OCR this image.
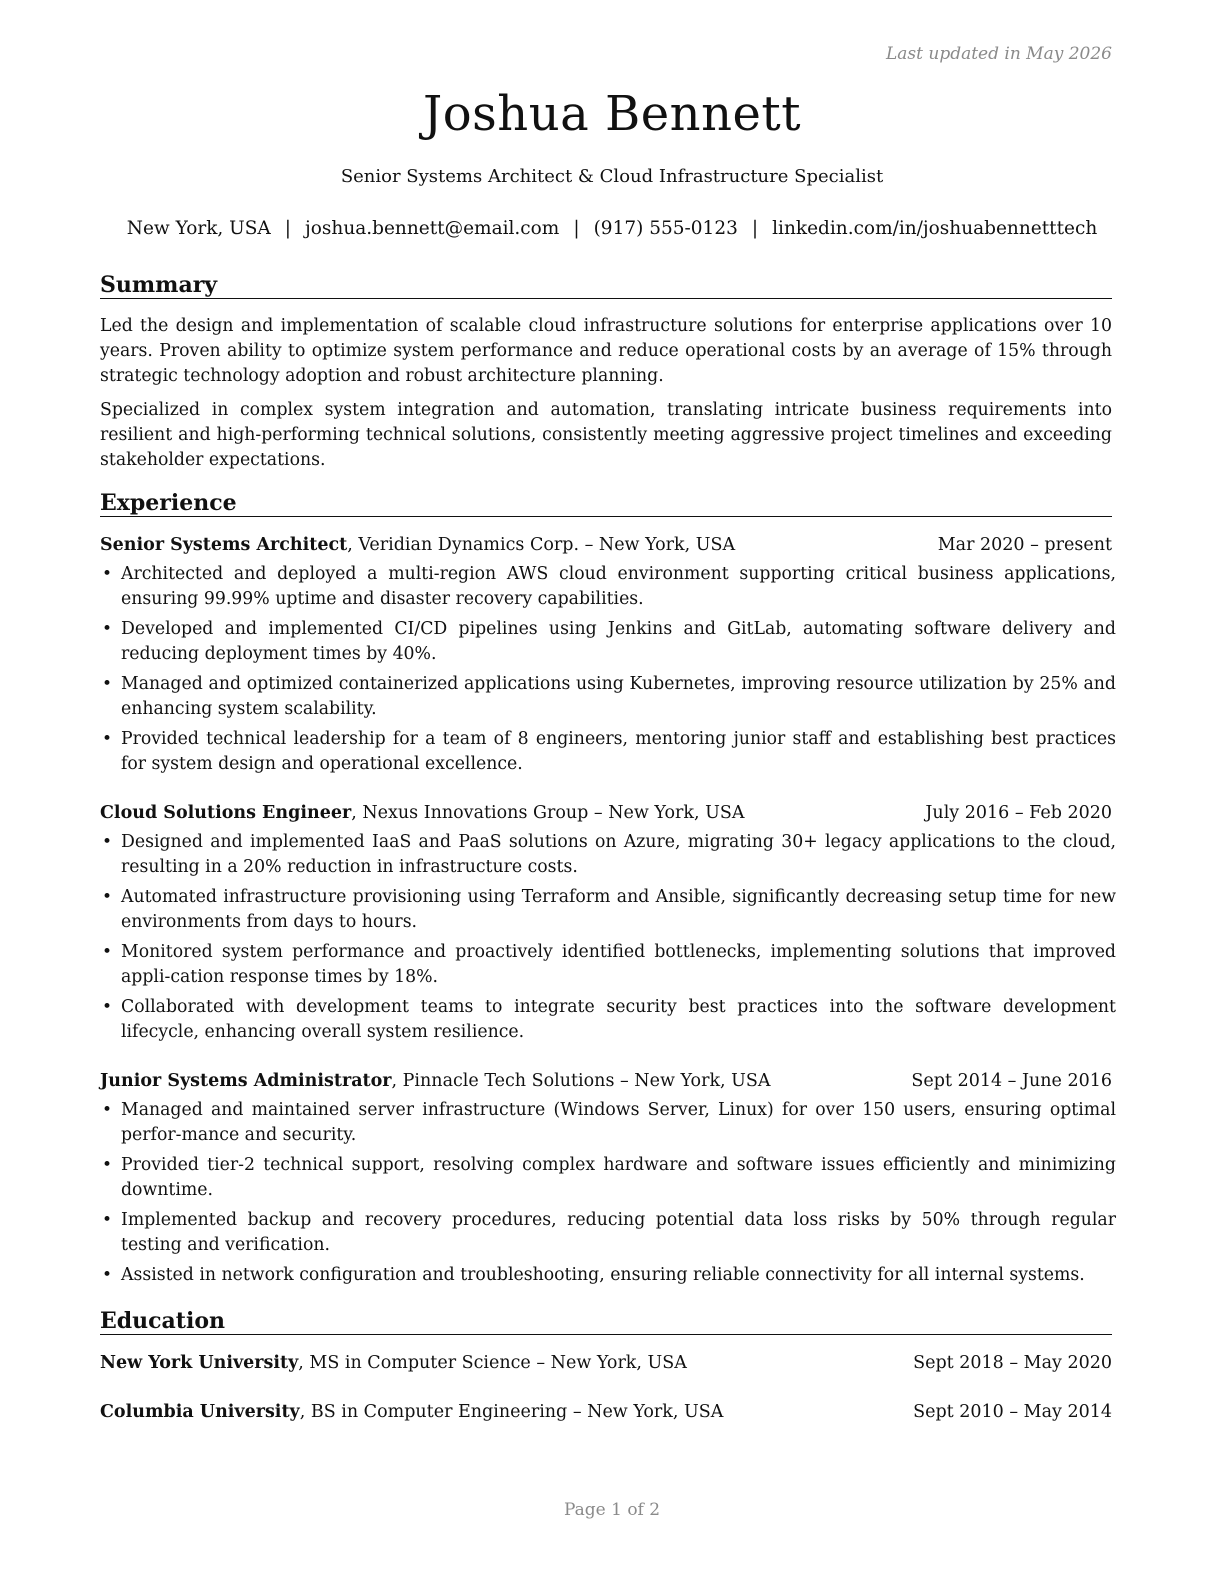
Last updated in May 2026
Joshua Bennett
Senior Systems Architect & Cloud Infrastructure Specialist
New York, USA | joshua.bennett@email.com | (917) 555-0123 | linkedin.com/in/joshuabennetttech
Summary
Led the design and implementation of scalable cloud infrastructure solutions for enterprise applications over 10 years. Proven ability to optimize system performance and reduce operational costs by an average of 15% through strategic technology adoption and robust architecture planning.
Specialized in complex system integration and automation, translating intricate business requirements into resilient and high-performing technical solutions, consistently meeting aggressive project timelines and exceeding stakeholder expectations.
Experience
Senior Systems Architect, Veridian Dynamics Corp. – New York, USA	Mar 2020 – present
• Architected and deployed a multi-region AWS cloud environment supporting critical business applications, ensuring 99.99% uptime and disaster recovery capabilities.
• Developed and implemented CI/CD pipelines using Jenkins and GitLab, automating software delivery and reducing deployment times by 40%.
• Managed and optimized containerized applications using Kubernetes, improving resource utilization by 25% and enhancing system scalability.
• Provided technical leadership for a team of 8 engineers, mentoring junior staff and establishing best practices for system design and operational excellence.
Cloud Solutions Engineer, Nexus Innovations Group – New York, USA	July 2016 – Feb 2020
• Designed and implemented IaaS and PaaS solutions on Azure, migrating 30+ legacy applications to the cloud, resulting in a 20% reduction in infrastructure costs.
• Automated infrastructure provisioning using Terraform and Ansible, significantly decreasing setup time for new environments from days to hours.
• Monitored system performance and proactively identified bottlenecks, implementing solutions that improved appli-cation response times by 18%.
• Collaborated with development teams to integrate security best practices into the software development lifecycle, enhancing overall system resilience.
Junior Systems Administrator, Pinnacle Tech Solutions – New York, USA	Sept 2014 – June 2016
• Managed and maintained server infrastructure (Windows Server, Linux) for over 150 users, ensuring optimal perfor-mance and security.
• Provided tier-2 technical support, resolving complex hardware and software issues efficiently and minimizing downtime.
• Implemented backup and recovery procedures, reducing potential data loss risks by 50% through regular testing and verification.
• Assisted in network configuration and troubleshooting, ensuring reliable connectivity for all internal systems.
Education
New York University, MS in Computer Science – New York, USA	Sept 2018 – May 2020
Columbia University, BS in Computer Engineering – New York, USA	Sept 2010 – May 2014
Page 1 of 2
